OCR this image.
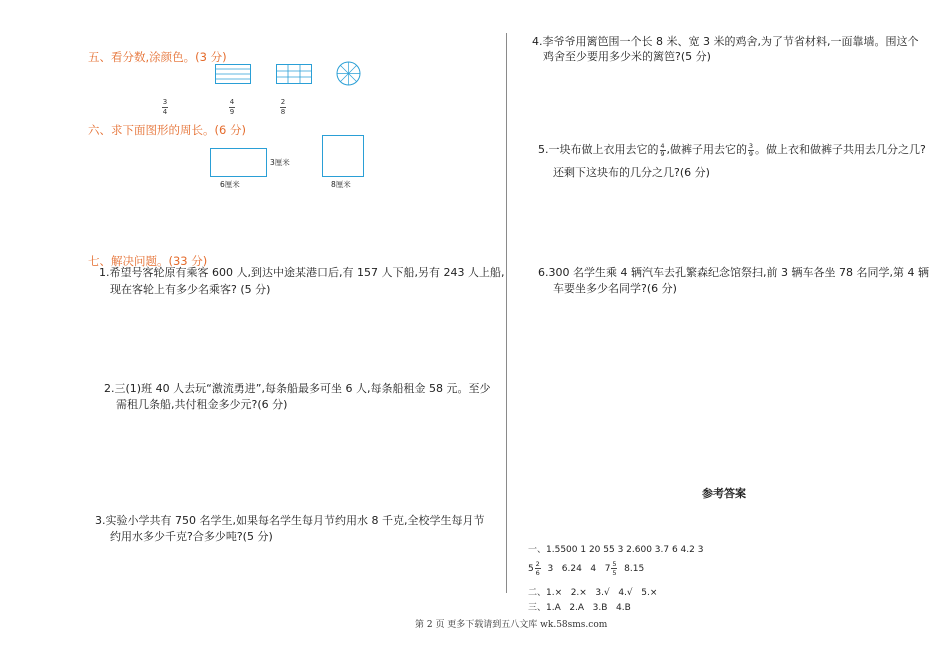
五、看分数,涂颜色。(3 分)
3
4
4
9
2
8
六、求下面图形的周长。(6 分)
3厘米
6厘米	8厘米
七、解决问题。(33 分)
1.希望号客轮原有乘客 600 人,到达中途某港口后,有 157 人下船,另有 243 人上船,
现在客轮上有多少名乘客? (5 分)
2.三(1)班 40 人去玩“激流勇进”,每条船最多可坐 6 人,每条船租金 58 元。至少
需租几条船,共付租金多少元?(6 分)
3.实验小学共有 750 名学生,如果每名学生每月节约用水 8 千克,全校学生每月节
约用水多少千克?合多少吨?(5 分)
4.李爷爷用篱笆围一个长 8 米、宽 3 米的鸡舍,为了节省材料,一面靠墙。围这个
鸡舍至少要用多少米的篱笆?(5 分)
5.一块布做上衣用去它的 $\frac{4}{9}$ ,做裤子用去它的 $\frac{3}{9}$ 。做上衣和做裤子共用去几分之几?
还剩下这块布的几分之几?(6 分)
6.300 名学生乘 4 辆汽车去孔繁森纪念馆祭扫,前 3 辆车各坐 78 名同学,第 4 辆
车要坐多少名同学?(6 分)
参考答案
一、1.5500 1 20 55 3 2.600 3.7 6 4.2 3
$5 \frac{2}{6} 3$   6.24   4   $7 \frac{5}{5} 8.15$
二、1.×   2.×   3.√   4.√   5.×
三、1.A   2.A   3.B   4.B
第 2 页 更多下载请到五八文库 wk.58sms.com
